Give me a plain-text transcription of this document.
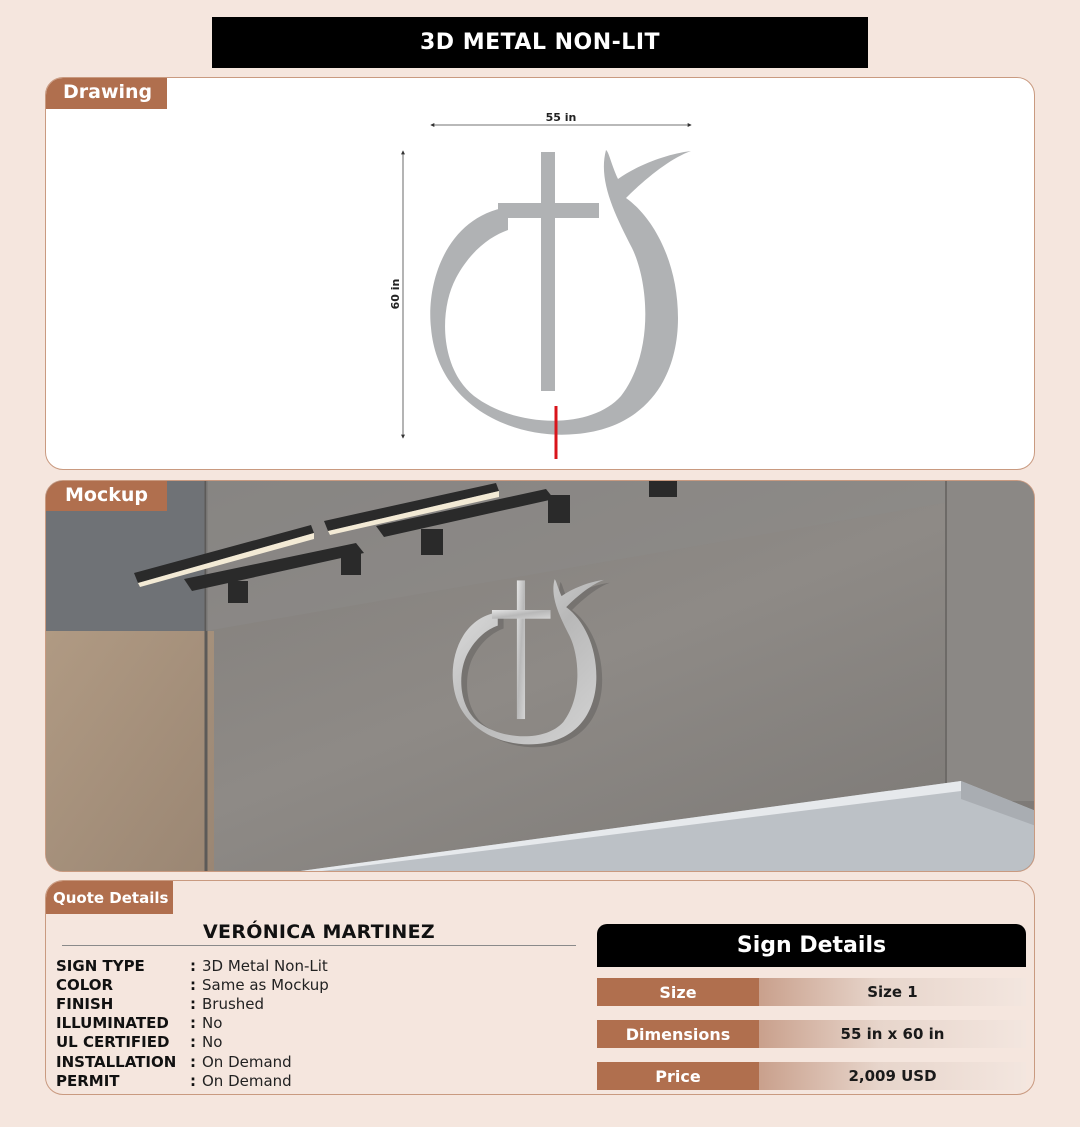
3D METAL NON-LIT
Drawing
55 in
60 in
Mockup
Quote Details
VERÓNICA MARTINEZ
SIGN TYPE	: 3D Metal Non-Lit
COLOR	: Same as Mockup
FINISH	: Brushed
ILLUMINATED	: No
UL CERTIFIED	: No
INSTALLATION : On Demand
PERMIT	: On Demand
Sign Details
Size	Size 1
Dimensions	55 in x 60 in
Price	2,009 USD
